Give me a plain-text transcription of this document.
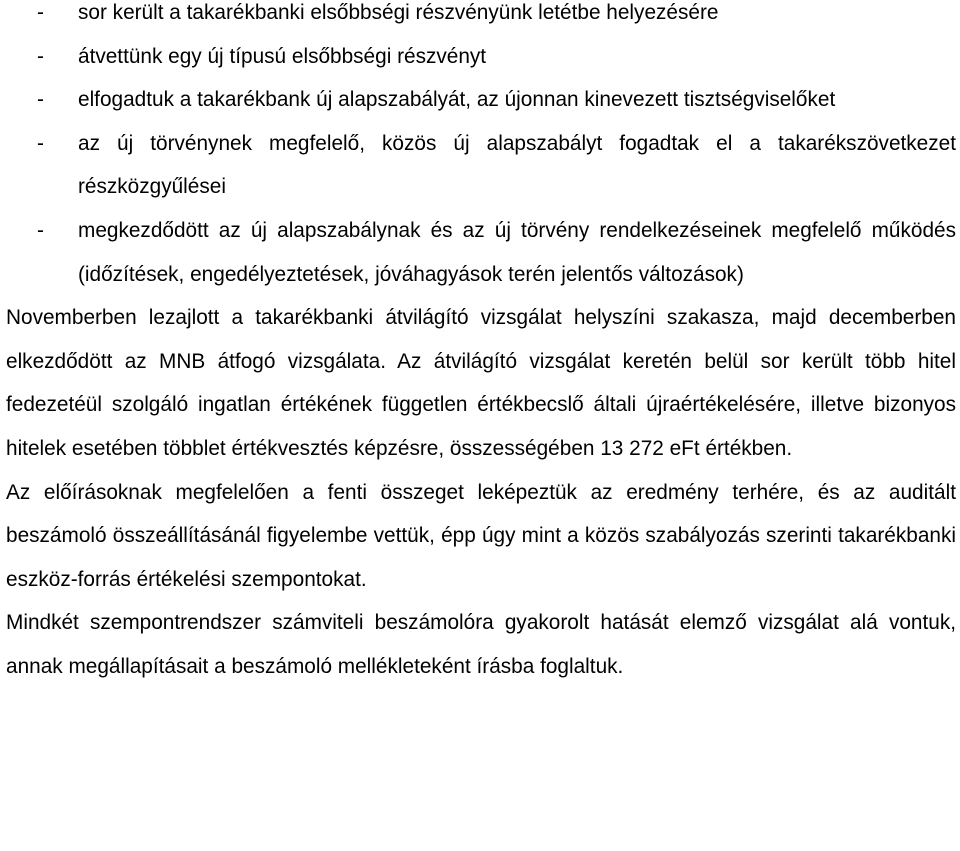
- sor került a takarékbanki elsőbbségi részvényünk letétbe helyezésére
- átvettünk egy új típusú elsőbbségi részvényt
- elfogadtuk a takarékbank új alapszabályát, az újonnan kinevezett tisztségviselőket
- az új törvénynek megfelelő, közös új alapszabályt fogadtak el a takarékszövetkezet részközgyűlései
- megkezdődött az új alapszabálynak és az új törvény rendelkezéseinek megfelelő működés (időzítések, engedélyeztetések, jóváhagyások terén jelentős változások)

Novemberben lezajlott a takarékbanki átvilágító vizsgálat helyszíni szakasza, majd decemberben elkezdődött az MNB átfogó vizsgálata. Az átvilágító vizsgálat keretén belül sor került több hitel fedezetéül szolgáló ingatlan értékének független értékbecslő általi újraértékelésére, illetve bizonyos hitelek esetében többlet értékvesztés képzésre, összességében 13 272 eFt értékben.

Az előírásoknak megfelelően a fenti összeget leképeztük az eredmény terhére, és az auditált beszámoló összeállításánál figyelembe vettük, épp úgy mint a közös szabályozás szerinti takarékbanki eszköz-forrás értékelési szempontokat.

Mindkét szempontrendszer számviteli beszámolóra gyakorolt hatását elemző vizsgálat alá vontuk, annak megállapításait a beszámoló mellékleteként írásba foglaltuk.
